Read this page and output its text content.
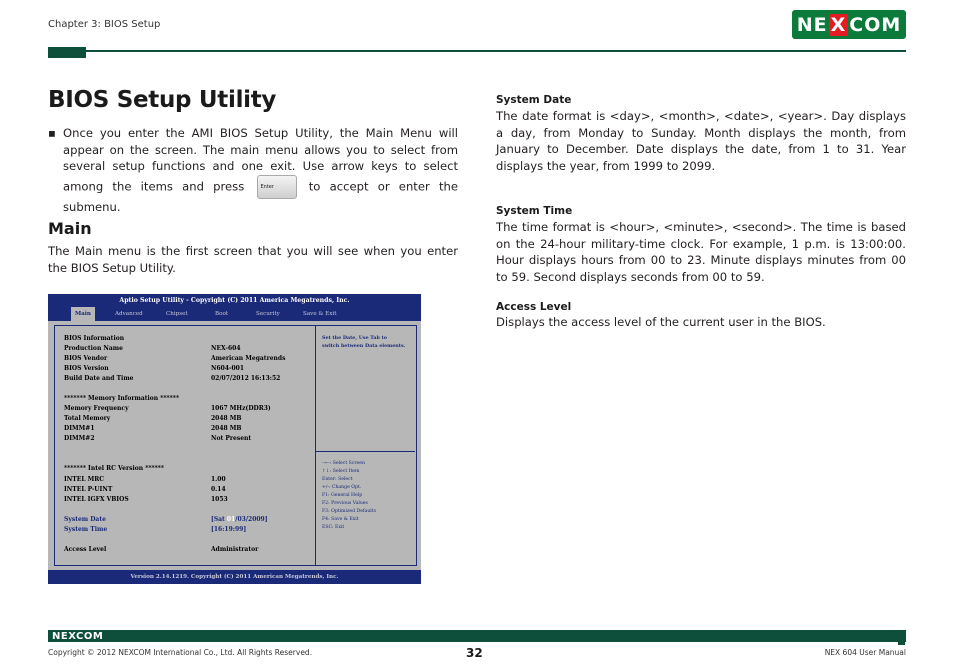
Chapter 3: BIOS Setup	NE X COM
BIOS Setup Utility
▪ Once you enter the AMI BIOS Setup Utility, the Main Menu will appear on the screen. The main menu allows you to select from several setup functions and one exit. Use arrow keys to select among the items and press	Enter	to accept or enter the submenu.
Main
The Main menu is the first screen that you will see when you enter the BIOS Setup Utility.
Aptio Setup Utility - Copyright (C) 2011 America Megatrends, Inc.
Main	Advanced	Chipset	Boot	Security	Save & Exit
BIOS Information
Production Name	NEX-604
BIOS Vendor	American Megatrends
BIOS Version	N604-001
Build Date and Time	02/07/2012 16:13:52
******* Memory Information ******
Memory Frequency	1067 MHz(DDR3)
Total Memory	2048 MB
DIMM#1	2048 MB
DIMM#2	Not Present
******* Intel RC Version ******
INTEL MRC	1.00
INTEL P-UINT	0.14
INTEL IGFX VBIOS	1053
System Date	[Sat 01/03/2009]
System Time	[16:19:99]
Access Level	Administrator
Set the Date, Use Tab to
switch between Data elements.
→←: Select Screen
↑↓: Select Item
Enter: Select
+/-: Change Opt.
F1: General Help
F2: Previous Values
F3: Optimized Defaults
F4: Save & Exit
ESC: Exit
Version 2.14.1219. Copyright (C) 2011 American Megatrends, Inc.
System Date
The date format is <day>, <month>, <date>, <year>. Day displays a day, from Monday to Sunday. Month displays the month, from January to December. Date displays the date, from 1 to 31. Year displays the year, from 1999 to 2099.
System Time
The time format is <hour>, <minute>, <second>. The time is based on the 24-hour military-time clock. For example, 1 p.m. is 13:00:00. Hour displays hours from 00 to 23. Minute displays minutes from 00 to 59. Second displays seconds from 00 to 59.
Access Level
Displays the access level of the current user in the BIOS.
NEXCOM
Copyright © 2012 NEXCOM International Co., Ltd. All Rights Reserved.	32	NEX 604 User Manual
